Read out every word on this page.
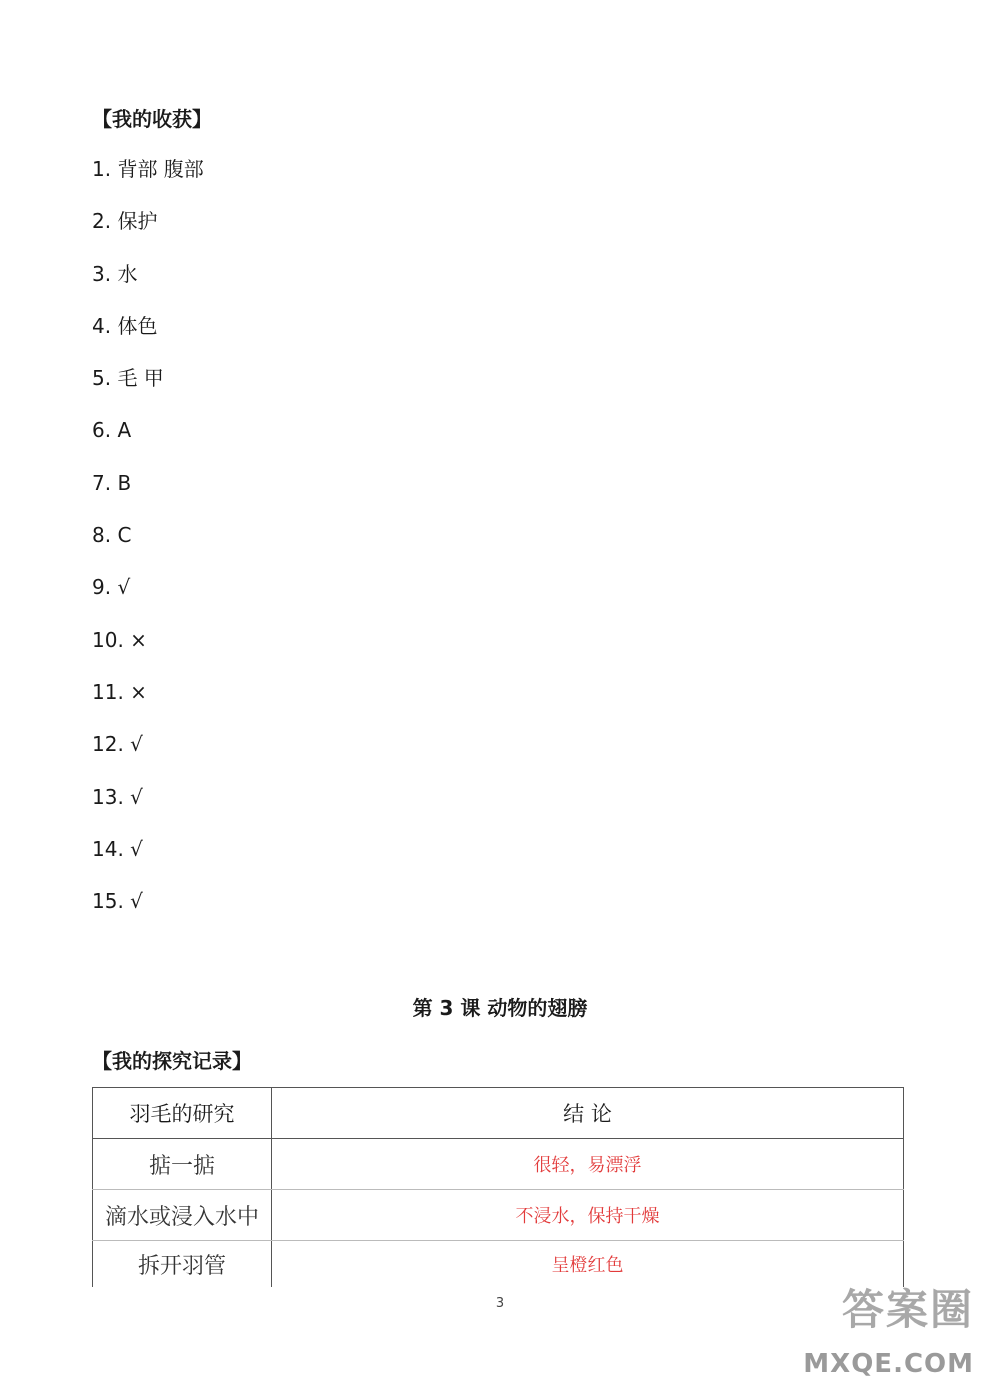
【我的收获】
1. 背部 腹部
2. 保护
3. 水
4. 体色
5. 毛 甲
6. A
7. B
8. C
9. √
10. ×
11. ×
12. √
13. √
14. √
15. √
第 3 课 动物的翅膀
【我的探究记录】
羽毛的研究	结 论
掂一掂	很轻，易漂浮
滴水或浸入水中	不浸水，保持干燥
拆开羽管	呈橙红色
3	答案圈
MXQE.COM
